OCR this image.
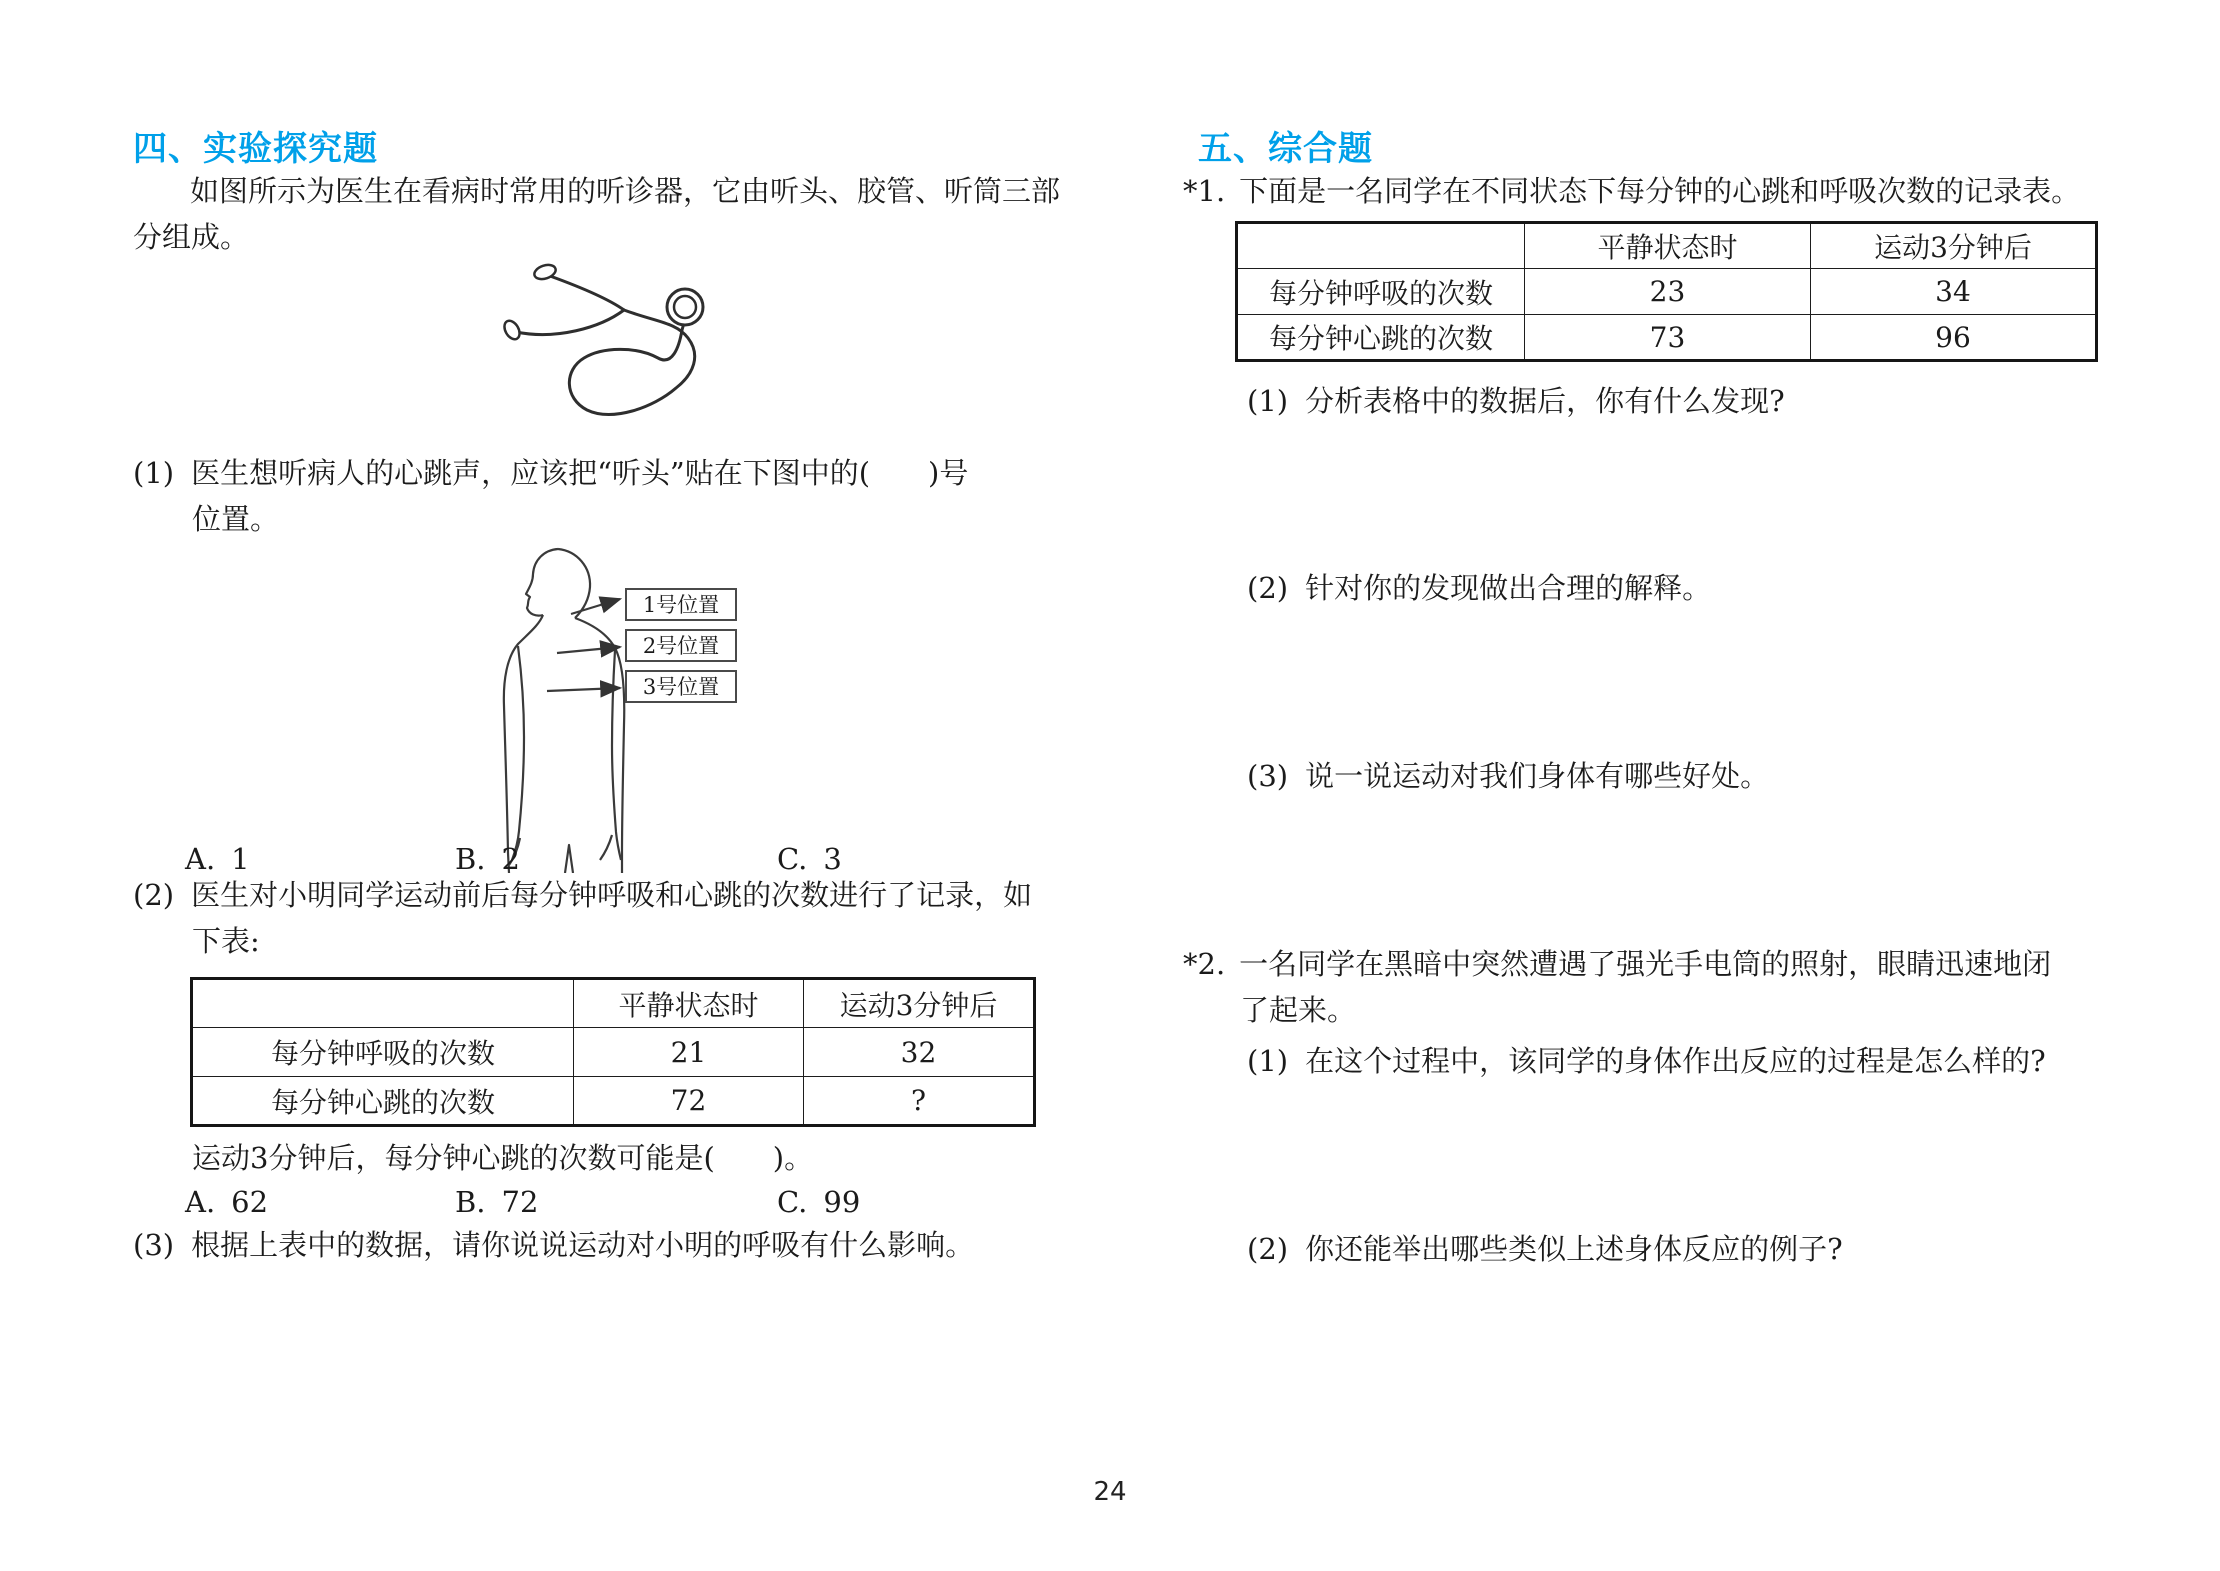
四、实验探究题
如图所示为医生在看病时常用的听诊器，它由听头、胶管、听筒三部
分组成。
(1) 医生想听病人的心跳声，应该把“听头”贴在下图中的(　　)号
位置。
1号位置
2号位置
3号位置
A. 1	B. 2	C. 3
(2) 医生对小明同学运动前后每分钟呼吸和心跳的次数进行了记录，如
下表:
	平静状态时	运动3分钟后
每分钟呼吸的次数	21	32
每分钟心跳的次数	72	?
运动3分钟后，每分钟心跳的次数可能是(　　)。
A. 62	B. 72	C. 99
(3) 根据上表中的数据，请你说说运动对小明的呼吸有什么影响。
五、综合题
*1. 下面是一名同学在不同状态下每分钟的心跳和呼吸次数的记录表。
	平静状态时	运动3分钟后
每分钟呼吸的次数	23	34
每分钟心跳的次数	73	96
(1) 分析表格中的数据后，你有什么发现?
(2) 针对你的发现做出合理的解释。
(3) 说一说运动对我们身体有哪些好处。
*2. 一名同学在黑暗中突然遭遇了强光手电筒的照射，眼睛迅速地闭
了起来。
(1) 在这个过程中，该同学的身体作出反应的过程是怎么样的?
(2) 你还能举出哪些类似上述身体反应的例子?
24
